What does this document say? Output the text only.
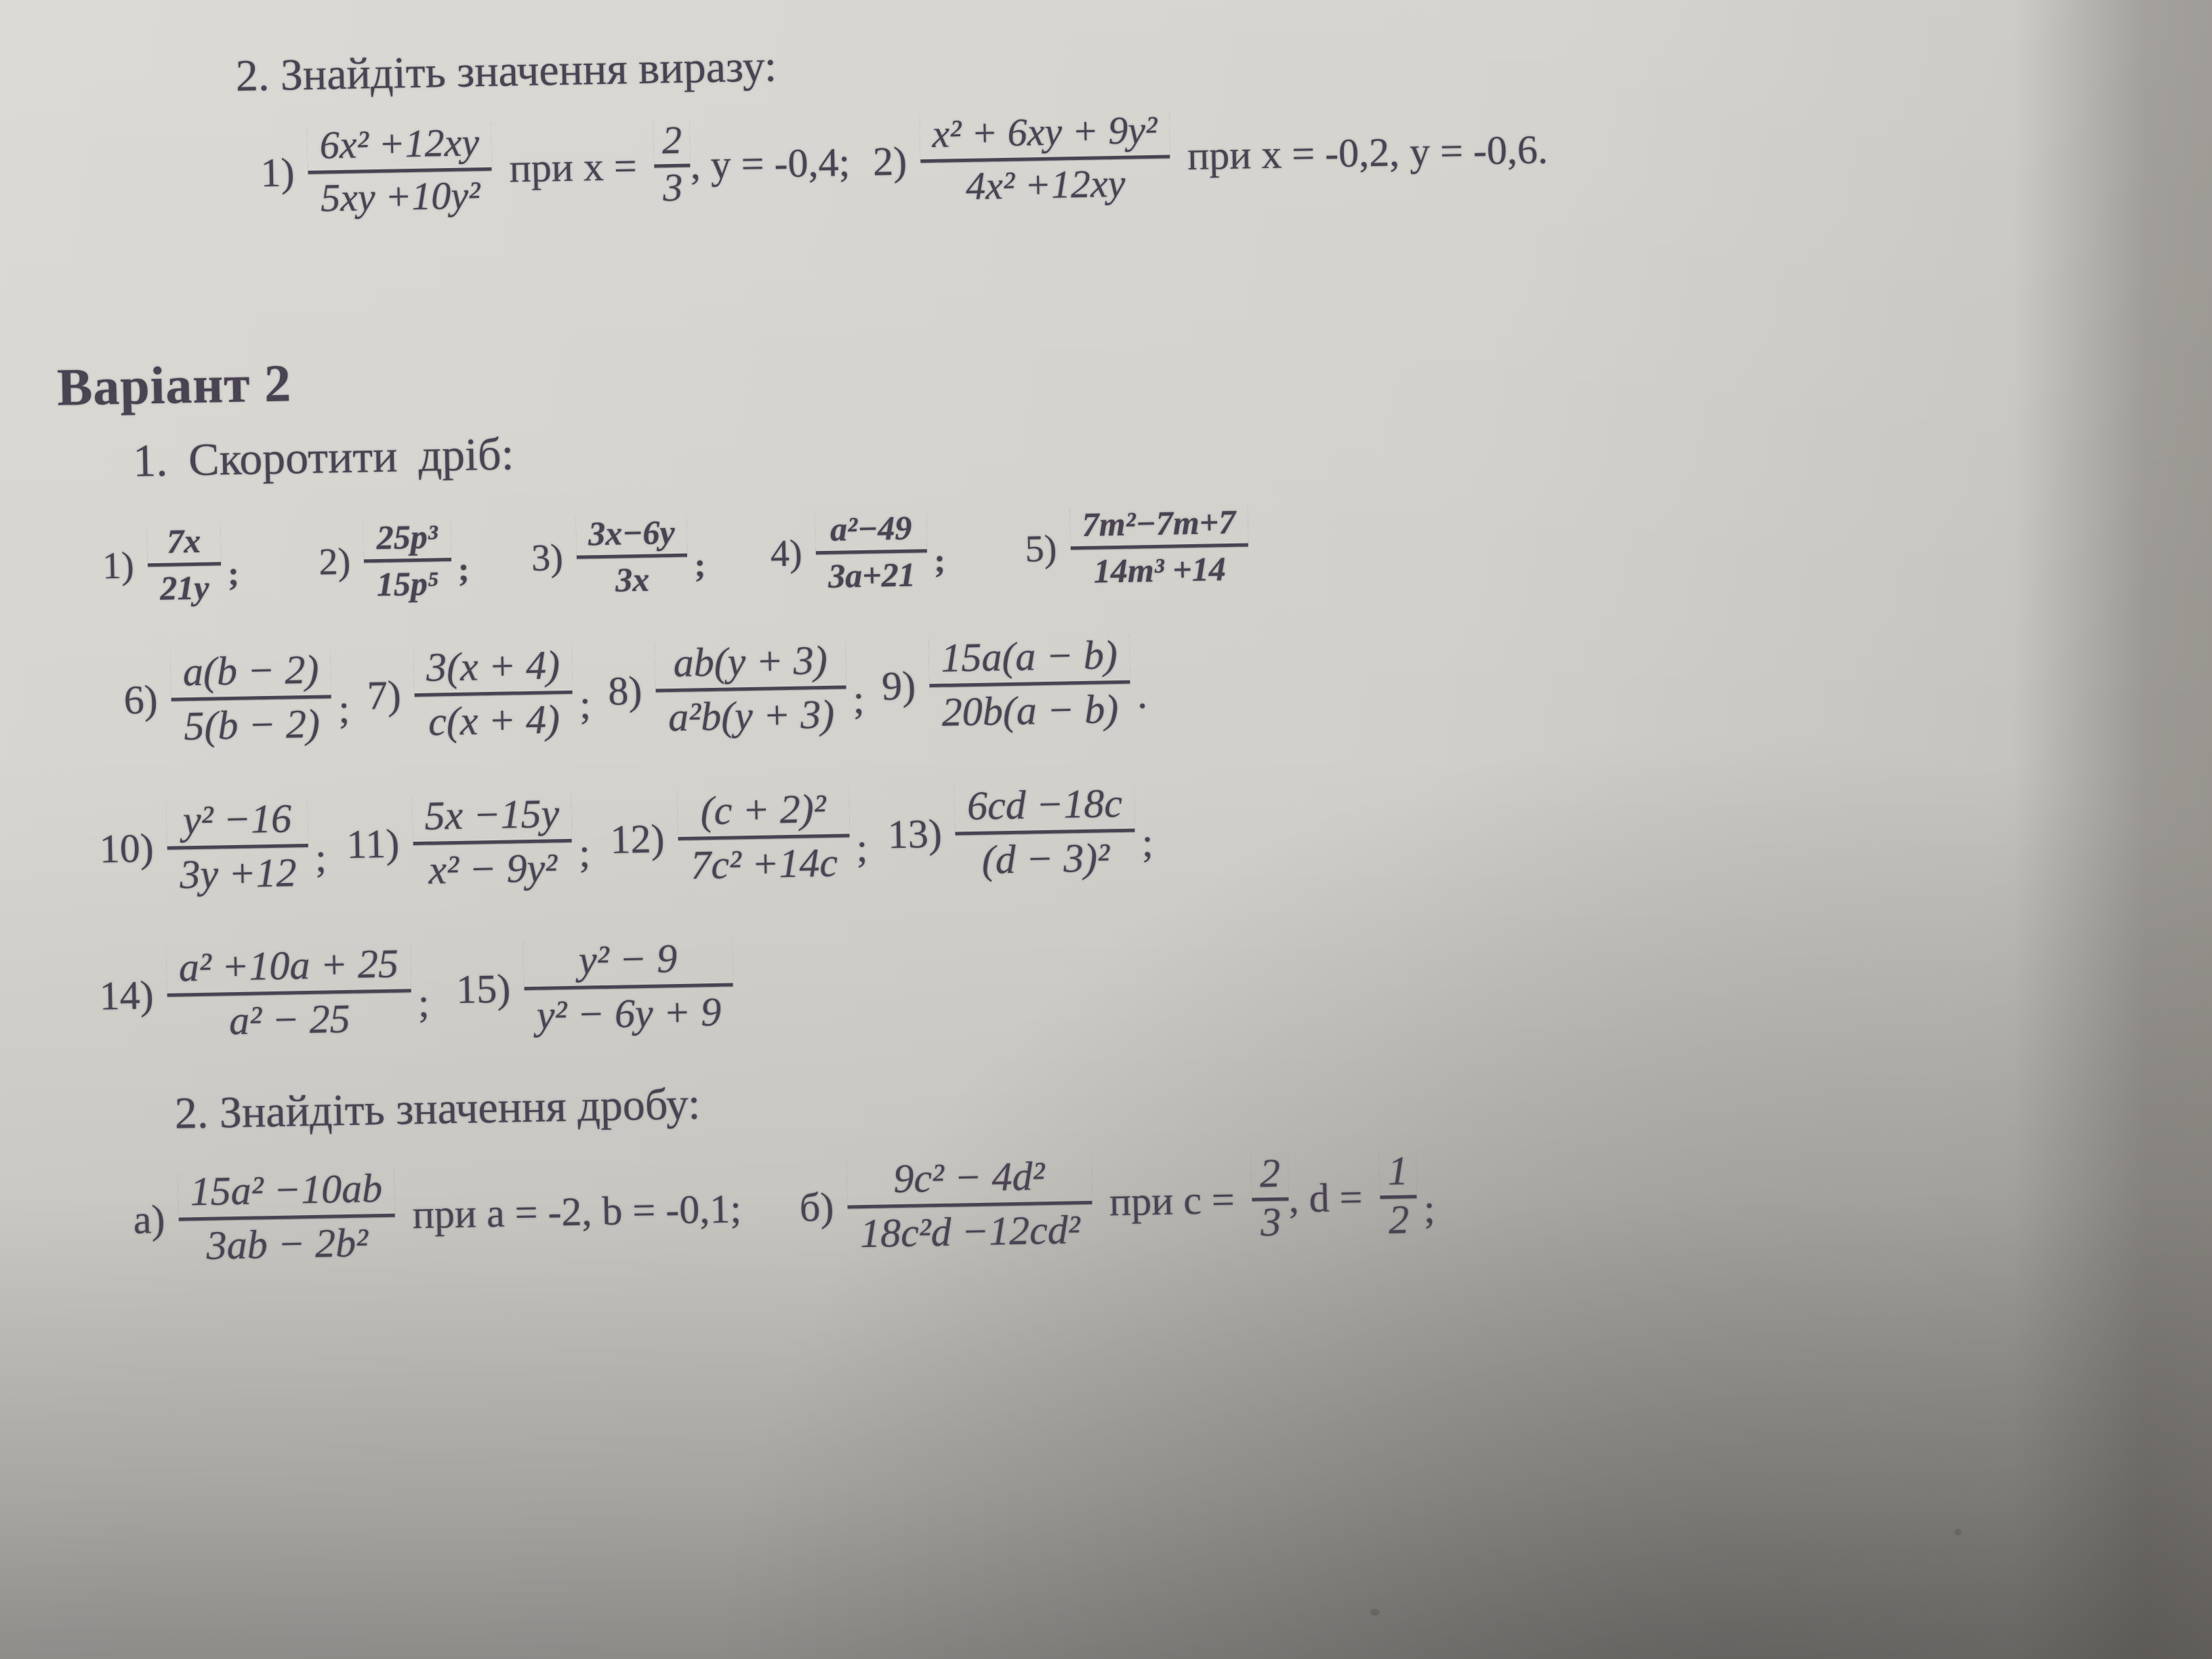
2. Знайдіть значення виразу:
$1) \frac{\text{6x² +12xy}}{\text{5xy +10y²}}$ при $x = \frac{2}{3}$
, y = -0,4; $2) \frac{\text{x² + 6xy + 9y²}}{\text{4x² +12xy}}$ при x = -0,2, y = -0,6.
Варіант 2
1. Скоротити дріб:
$1) \frac{7x}{21y}$ ; $2) \frac{\text{25p³}}{\text{15p⁵}}$ ; $3) \frac{3x-6y}{3x}$ ; $4) \frac{\text{a²−49}}{3a+21}$ ; $5) \frac{\text{7m²−7m+7}}{\text{14m³ +14}}$
$6) \frac{a(b - 2)}{5(b - 2)}$ ; $7) \frac{3(x + 4)}{c(x + 4)}$ ; $8) \frac{ab(y + 3)}{\text{a²b(y + 3)}}$ ; $9) \frac{15a(a - b)}{20b(a - b)}$ .
$10) \frac{\text{y² −16}}{3y +12}$ ; $11) \frac{5x -15y}{\text{x² − 9y²}}$ ; $12) \frac{\text{(c + 2)²}}{\text{7c² +14c}}$ ; $13) \frac{6cd -18c}{\text{(d − 3)²}}$ ;
$14) \frac{\text{a² +10a + 25}}{\text{a² − 25}}$ ; $15) \frac{\text{y² − 9}}{\text{y² − 6y + 9}}$
2. Знайдіть значення дробу:
$а) \frac{\text{15a² −10ab}}{\text{3ab − 2b²}}$ при a = -2, b = -0,1; $б) \frac{\text{9c² − 4d²}}{\text{18c²d −12cd²}}$ при $c = \frac{2}{3}$
, $d = \frac{1}{2}$ ;
